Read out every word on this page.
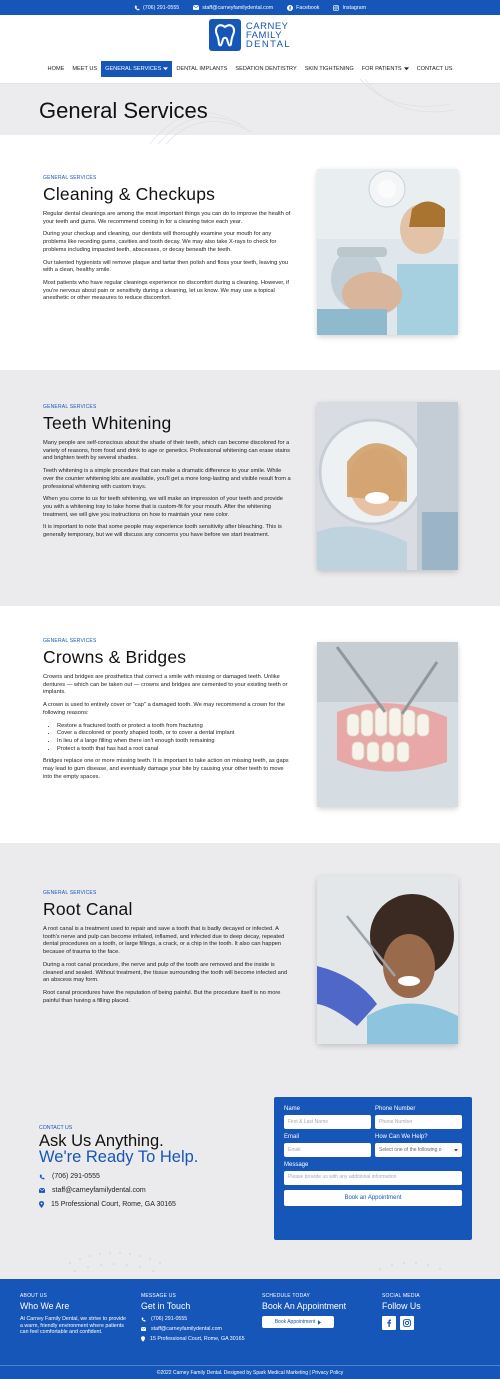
(706) 291-0555	staff@carneyfamilydental.com	Facebook	Instagram
CARNEY
FAMILY
DENTAL
HOME MEET US GENERAL SERVICES	DENTAL IMPLANTS SEDATION DENTISTRY SKIN TIGHTENING FOR PATIENTS	CONTACT US
General Services
GENERAL SERVICES
Cleaning & Checkups

Regular dental cleanings are among the most important things you can do to improve the health of your teeth and gums. We recommend coming in for a cleaning twice each year.

During your checkup and cleaning, our dentists will thoroughly examine your mouth for any problems like receding gums, cavities and tooth decay. We may also take X-rays to check for problems including impacted teeth, abscesses, or decay beneath the teeth.

Our talented hygienists will remove plaque and tartar then polish and floss your teeth, leaving you with a clean, healthy smile.

Most patients who have regular cleanings experience no discomfort during a cleaning. However, if you're nervous about pain or sensitivity during a cleaning, let us know. We may use a topical anesthetic or other measures to reduce discomfort.

GENERAL SERVICES
Teeth Whitening

Many people are self-conscious about the shade of their teeth, which can become discolored for a variety of reasons, from food and drink to age or genetics. Professional whitening can erase stains and brighten teeth by several shades.

Teeth whitening is a simple procedure that can make a dramatic difference to your smile. While over the counter whitening kits are available, you'll get a more long-lasting and visible result from a professional whitening with custom trays.

When you come to us for teeth whitening, we will make an impression of your teeth and provide you with a whitening tray to take home that is custom-fit for your mouth. After the whitening treatment, we will give you instructions on how to maintain your new color.

It is important to note that some people may experience tooth sensitivity after bleaching. This is generally temporary, but we will discuss any concerns you have before we start treatment.

GENERAL SERVICES
Crowns & Bridges

Crowns and bridges are prosthetics that correct a smile with missing or damaged teeth. Unlike dentures — which can be taken out — crowns and bridges are cemented to your existing teeth or implants.

A crown is used to entirely cover or "cap" a damaged tooth. We may recommend a crown for the following reasons:

• Restore a fractured tooth or protect a tooth from fracturing
• Cover a discolored or poorly shaped tooth, or to cover a dental implant
• In lieu of a large filling when there isn't enough tooth remaining
• Protect a tooth that has had a root canal

Bridges replace one or more missing teeth. It is important to take action on missing teeth, as gaps may lead to gum disease, and eventually damage your bite by causing your other teeth to move into the empty spaces.

GENERAL SERVICES
Root Canal

A root canal is a treatment used to repair and save a tooth that is badly decayed or infected. A tooth's nerve and pulp can become irritated, inflamed, and infected due to deep decay, repeated dental procedures on a tooth, or large fillings, a crack, or a chip in the tooth. It also can happen because of trauma to the face.

During a root canal procedure, the nerve and pulp of the tooth are removed and the inside is cleaned and sealed. Without treatment, the tissue surrounding the tooth will become infected and an abscess may form.

Root canal procedures have the reputation of being painful. But the procedure itself is no more painful than having a filling placed.

CONTACT US
Ask Us Anything.
We're Ready To Help.
(706) 291-0555
staff@carneyfamilydental.com
15 Professional Court, Rome, GA 30165
Name
First & Last Name
Phone Number
Phone Number
Email
Email
How Can We Help?
Select one of the following o
Message
Please provide us with any additional information
Book an Appointment
ABOUT US
Who We Are
At Carney Family Dental, we strive to provide a warm, friendly environment where patients can feel comfortable and confident.
MESSAGE US
Get in Touch
(706) 291-0555
staff@carneyfamilydental.com
15 Professional Court, Rome, GA 30165
SCHEDULE TODAY
Book An Appointment
Book Appointment
SOCIAL MEDIA
Follow Us
©2022 Carney Family Dental. Designed by Spark Medical Marketing | Privacy Policy
